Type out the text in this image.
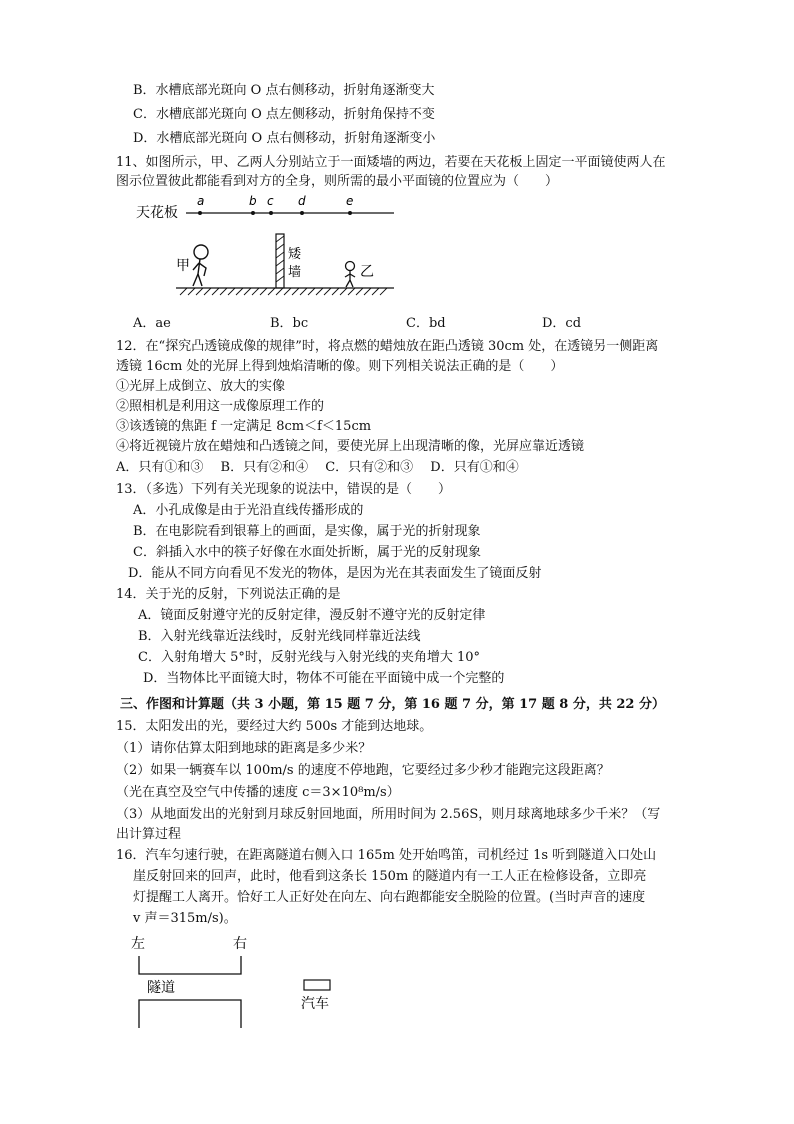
B．水槽底部光斑向 O 点右侧移动，折射角逐渐变大
C．水槽底部光斑向 O 点左侧移动，折射角保持不变
D．水槽底部光斑向 O 点右侧移动，折射角逐渐变小
11、如图所示，甲、乙两人分别站立于一面矮墙的两边，若要在天花板上固定一平面镜使两人在
图示位置彼此都能看到对方的全身，则所需的最小平面镜的位置应为（　　）
天花板
a	b c d	e
甲
矮
墙	乙
A．ae	B．bc	C．bd	D．cd
12．在“探究凸透镜成像的规律”时，将点燃的蜡烛放在距凸透镜 30cm 处，在透镜另一侧距离
透镜 16cm 处的光屏上得到烛焰清晰的像。则下列相关说法正确的是（　　）
①光屏上成倒立、放大的实像
②照相机是利用这一成像原理工作的
③该透镜的焦距 f 一定满足 8cm＜f＜15cm
④将近视镜片放在蜡烛和凸透镜之间，要使光屏上出现清晰的像，光屏应靠近透镜
A．只有①和③　 B．只有②和④　 C．只有②和③　 D．只有①和④
13．（多选）下列有关光现象的说法中，错误的是（　　）
A．小孔成像是由于光沿直线传播形成的
B．在电影院看到银幕上的画面，是实像，属于光的折射现象
C．斜插入水中的筷子好像在水面处折断，属于光的反射现象
D．能从不同方向看见不发光的物体，是因为光在其表面发生了镜面反射
14．关于光的反射，下列说法正确的是
A．镜面反射遵守光的反射定律，漫反射不遵守光的反射定律
B．入射光线靠近法线时，反射光线同样靠近法线
C．入射角增大 5°时，反射光线与入射光线的夹角增大 10°
D．当物体比平面镜大时，物体不可能在平面镜中成一个完整的
三、作图和计算题（共 3 小题，第 15 题 7 分，第 16 题 7 分，第 17 题 8 分，共 22 分）
15．太阳发出的光，要经过大约 500s 才能到达地球。
（1）请你估算太阳到地球的距离是多少米？
（2）如果一辆赛车以 100m/s 的速度不停地跑，它要经过多少秒才能跑完这段距离？
（光在真空及空气中传播的速度 c＝3×10⁸m/s）
（3）从地面发出的光射到月球反射回地面，所用时间为 2.56S，则月球离地球多少千米？（写
出计算过程
16．汽车匀速行驶，在距离隧道右侧入口 165m 处开始鸣笛，司机经过 1s 听到隧道入口处山
崖反射回来的回声，此时，他看到这条长 150m 的隧道内有一工人正在检修设备，立即亮
灯提醒工人离开。恰好工人正好处在向左、向右跑都能安全脱险的位置。(当时声音的速度
v 声＝315m/s)。
左	右
隧道
汽车
